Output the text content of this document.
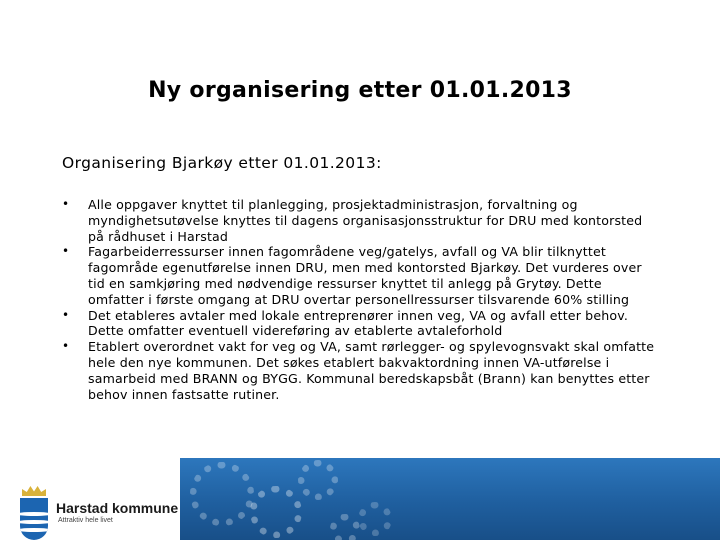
Ny organisering etter 01.01.2013
Organisering Bjarkøy etter 01.01.2013:
• Alle oppgaver knyttet til planlegging, prosjektadministrasjon, forvaltning og myndighetsutøvelse knyttes til dagens organisasjonsstruktur for DRU med kontorsted på rådhuset i Harstad
• Fagarbeiderressurser innen fagområdene veg/gatelys, avfall og VA blir tilknyttet fagområde egenutførelse innen DRU, men med kontorsted Bjarkøy. Det vurderes over tid en samkjøring med nødvendige ressurser knyttet til anlegg på Grytøy. Dette omfatter i første omgang at DRU overtar personellressurser tilsvarende 60% stilling
• Det etableres avtaler med lokale entreprenører innen veg, VA og avfall etter behov. Dette omfatter eventuell videreføring av etablerte avtaleforhold
• Etablert overordnet vakt for veg og VA, samt rørlegger- og spylevognsvakt skal omfatte hele den nye kommunen. Det søkes etablert bakvaktordning innen VA-utførelse i samarbeid med BRANN og BYGG. Kommunal beredskapsbåt (Brann) kan benyttes etter behov innen fastsatte rutiner.
Harstad kommune
Attraktiv hele livet
